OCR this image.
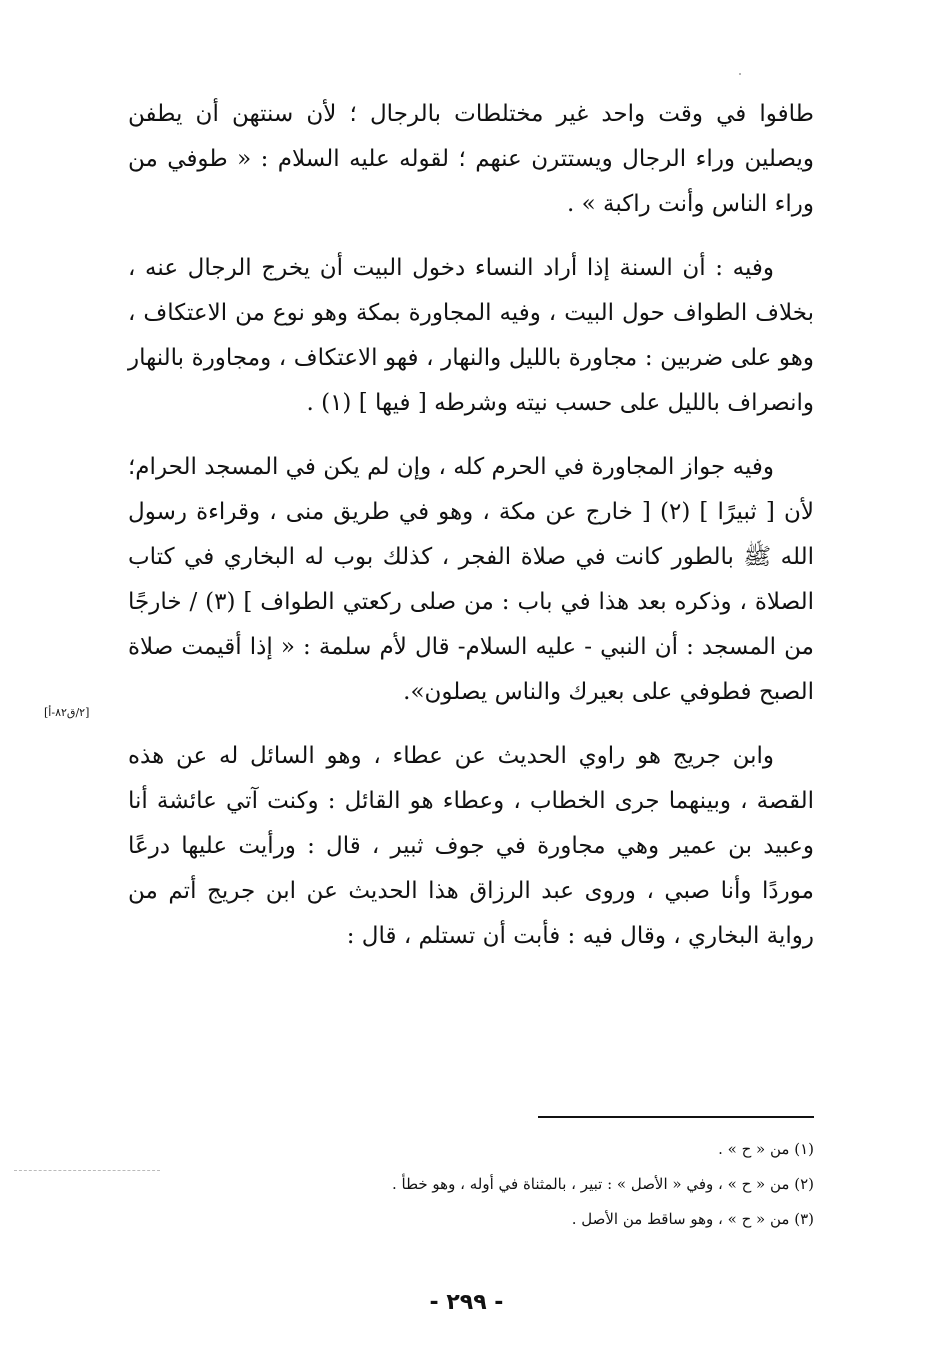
طافوا في وقت واحد غير مختلطات بالرجال ؛ لأن سنتهن أن يطفن ويصلين وراء الرجال ويستترن عنهم ؛ لقوله عليه السلام : « طوفي من وراء الناس وأنت راكبة » .

وفيه : أن السنة إذا أراد النساء دخول البيت أن يخرج الرجال عنه ، بخلاف الطواف حول البيت ، وفيه المجاورة بمكة وهو نوع من الاعتكاف ، وهو على ضربين : مجاورة بالليل والنهار ، فهو الاعتكاف ، ومجاورة بالنهار وانصراف بالليل على حسب نيته وشرطه [ فيها ] (١) .

وفيه جواز المجاورة في الحرم كله ، وإن لم يكن في المسجد الحرام؛ لأن [ ثبيرًا ] (٢) [ خارج عن مكة ، وهو في طريق منى ، وقراءة رسول الله ﷺ بالطور كانت في صلاة الفجر ، كذلك بوب له البخاري في كتاب الصلاة ، وذكره بعد هذا في باب : من صلى ركعتي الطواف ] (٣) / خارجًا من المسجد : أن النبي - عليه السلام- قال لأم سلمة : « إذا أقيمت صلاة الصبح فطوفي على بعيرك والناس يصلون».

وابن جريج هو راوي الحديث عن عطاء ، وهو السائل له عن هذه القصة ، وبينهما جرى الخطاب ، وعطاء هو القائل : وكنت آتي عائشة أنا وعبيد بن عمير وهي مجاورة في جوف ثبير ، قال : ورأيت عليها درعًا موردًا وأنا صبي ، وروى عبد الرزاق هذا الحديث عن ابن جريج أتم من رواية البخاري ، وقال فيه : فأبت أن تستلم ، قال :

[٢/ق٨٢-أ]

(١) من « ح » .

(٢) من « ح » ، وفي « الأصل » : تبير ، بالمثناة في أوله ، وهو خطأ .

(٣) من « ح » ، وهو ساقط من الأصل .

- ٢٩٩ -
